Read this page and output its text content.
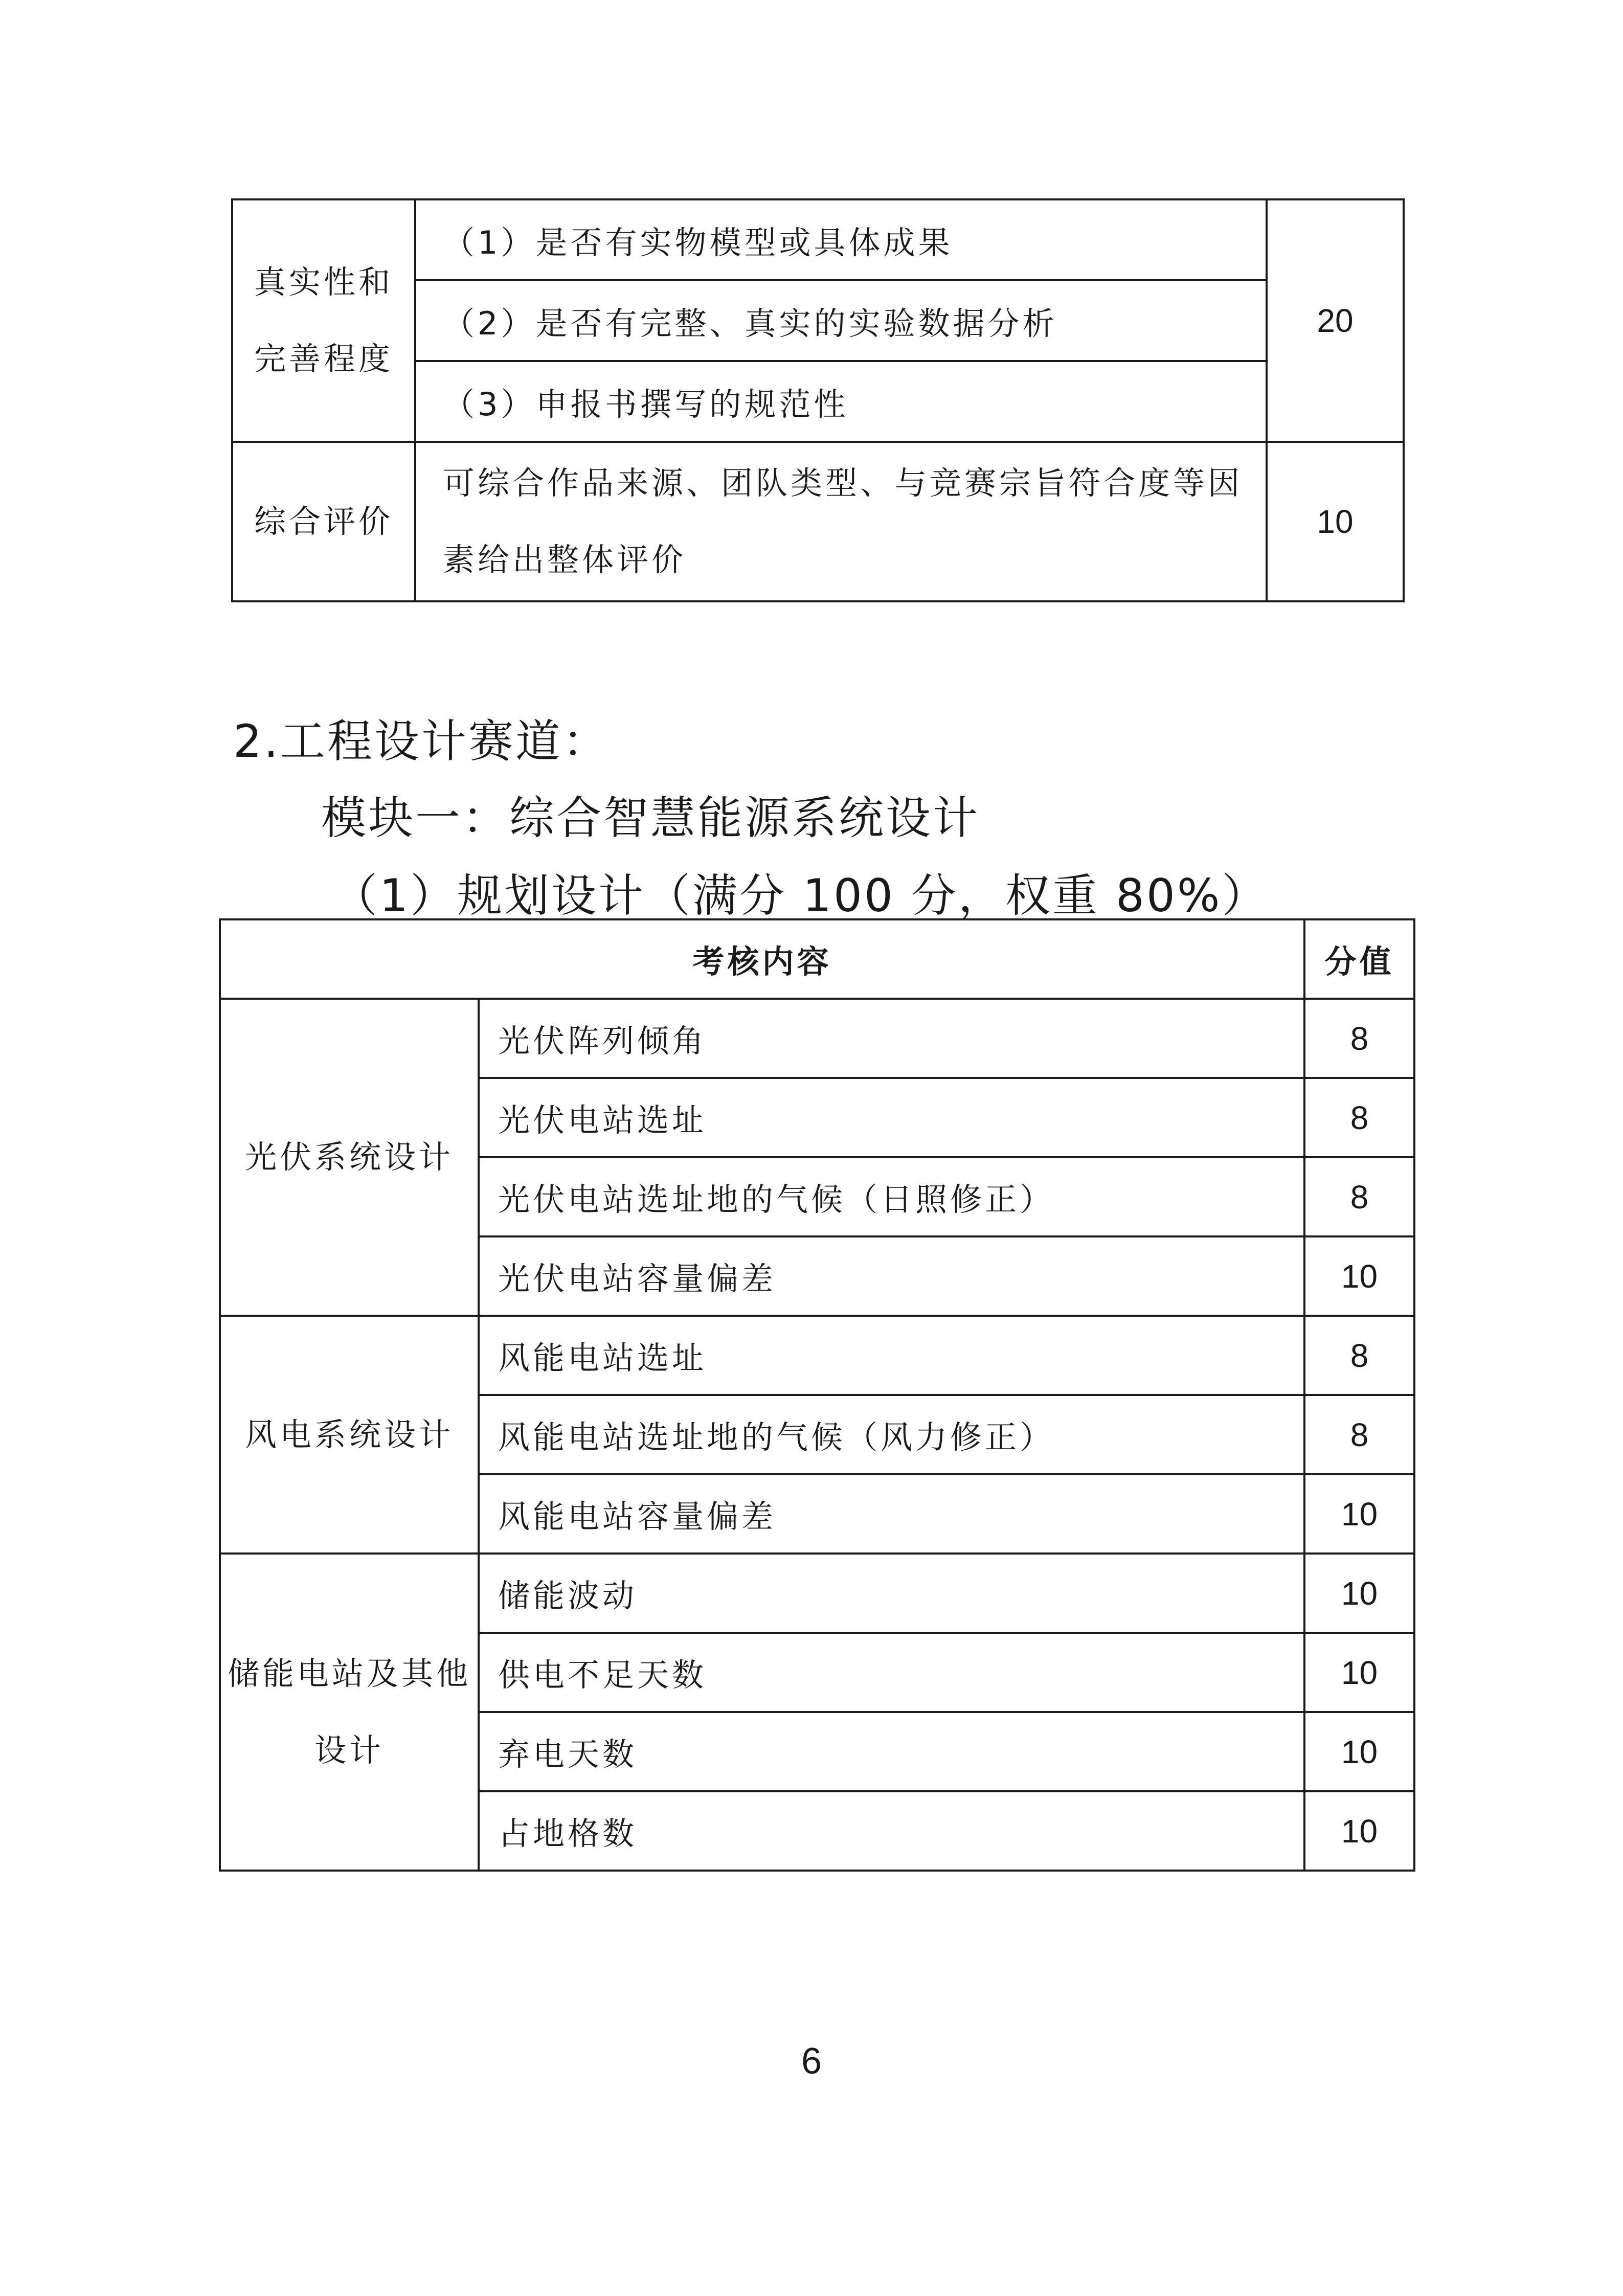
真实性和
完善程度	（1）是否有实物模型或具体成果	20
	（2）是否有完整、真实的实验数据分析	
	（3）申报书撰写的规范性	
综合评价	可综合作品来源、团队类型、与竞赛宗旨符合度等因素给出整体评价	10
2.工程设计赛道：
模块一：综合智慧能源系统设计
（1）规划设计（满分 100 分，权重 80%）
考核内容		分值
光伏系统设计	光伏阵列倾角	8
	光伏电站选址	8
	光伏电站选址地的气候（日照修正）	8
	光伏电站容量偏差	10
风电系统设计	风能电站选址	8
	风能电站选址地的气候（风力修正）	8
	风能电站容量偏差	10

储能电站及其他
设计	储能波动	10
	供电不足天数	10
	弃电天数	10
	占地格数	10
6
